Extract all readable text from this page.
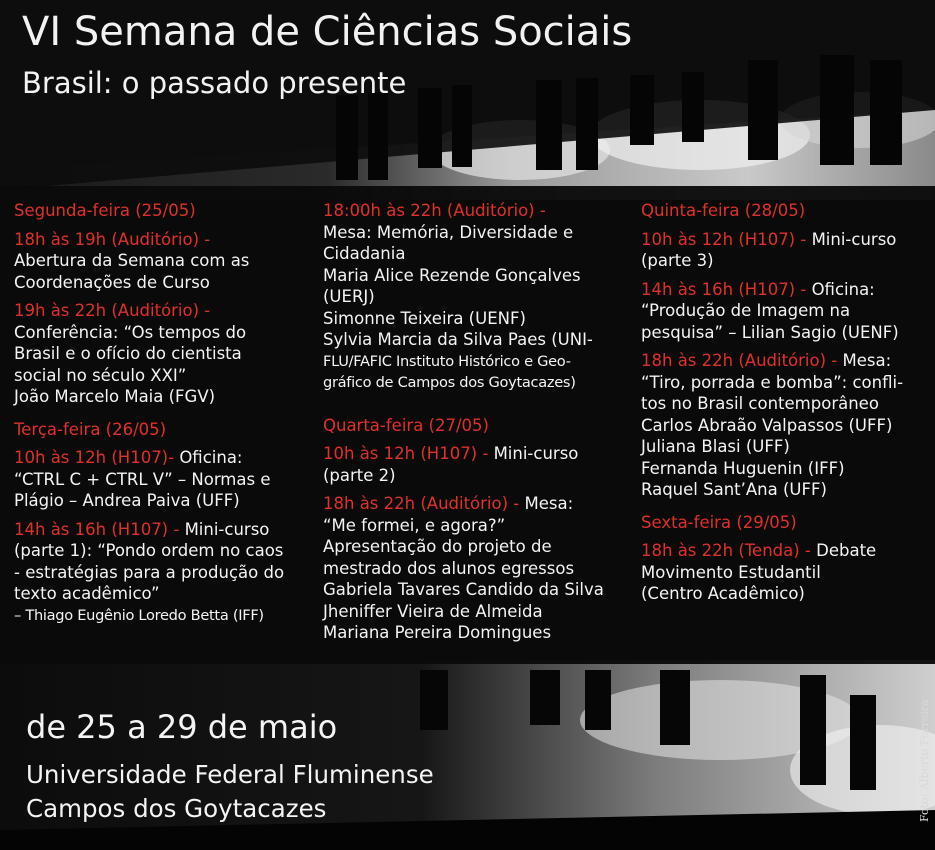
VI Semana de Ciências Sociais
Brasil: o passado presente
Segunda-feira (25/05)
18h às 19h (Auditório) -
Abertura da Semana com as
Coordenações de Curso
19h às 22h (Auditório) -
Conferência: “Os tempos do
Brasil e o ofício do cientista
social no século XXI”
João Marcelo Maia (FGV)
Terça-feira (26/05)
10h às 12h (H107)- Oficina:
“CTRL C + CTRL V” – Normas e
Plágio – Andrea Paiva (UFF)
14h às 16h (H107) - Mini-curso
(parte 1): “Pondo ordem no caos
- estratégias para a produção do
texto acadêmico”
– Thiago Eugênio Loredo Betta (IFF)
18:00h às 22h (Auditório) -
Mesa: Memória, Diversidade e
Cidadania
Maria Alice Rezende Gonçalves
(UERJ)
Simonne Teixeira (UENF)
Sylvia Marcia da Silva Paes (UNI-
FLU/FAFIC Instituto Histórico e Geo-
gráfico de Campos dos Goytacazes)
Quarta-feira (27/05)
10h às 12h (H107) - Mini-curso
(parte 2)
18h às 22h (Auditório) - Mesa:
“Me formei, e agora?”
Apresentação do projeto de
mestrado dos alunos egressos
Gabriela Tavares Candido da Silva
Jheniffer Vieira de Almeida
Mariana Pereira Domingues
Quinta-feira (28/05)
10h às 12h (H107) - Mini-curso
(parte 3)
14h às 16h (H107) - Oficina:
“Produção de Imagem na
pesquisa” – Lilian Sagio (UENF)
18h às 22h (Auditório) - Mesa:
“Tiro, porrada e bomba”: confli-
tos no Brasil contemporâneo
Carlos Abraão Valpassos (UFF)
Juliana Blasi (UFF)
Fernanda Huguenin (IFF)
Raquel Sant’Ana (UFF)
Sexta-feira (29/05)
18h às 22h (Tenda) - Debate
Movimento Estudantil
(Centro Acadêmico)
de 25 a 29 de maio
Universidade Federal Fluminense
Campos dos Goytacazes	Foto: Alberto Ferreira
